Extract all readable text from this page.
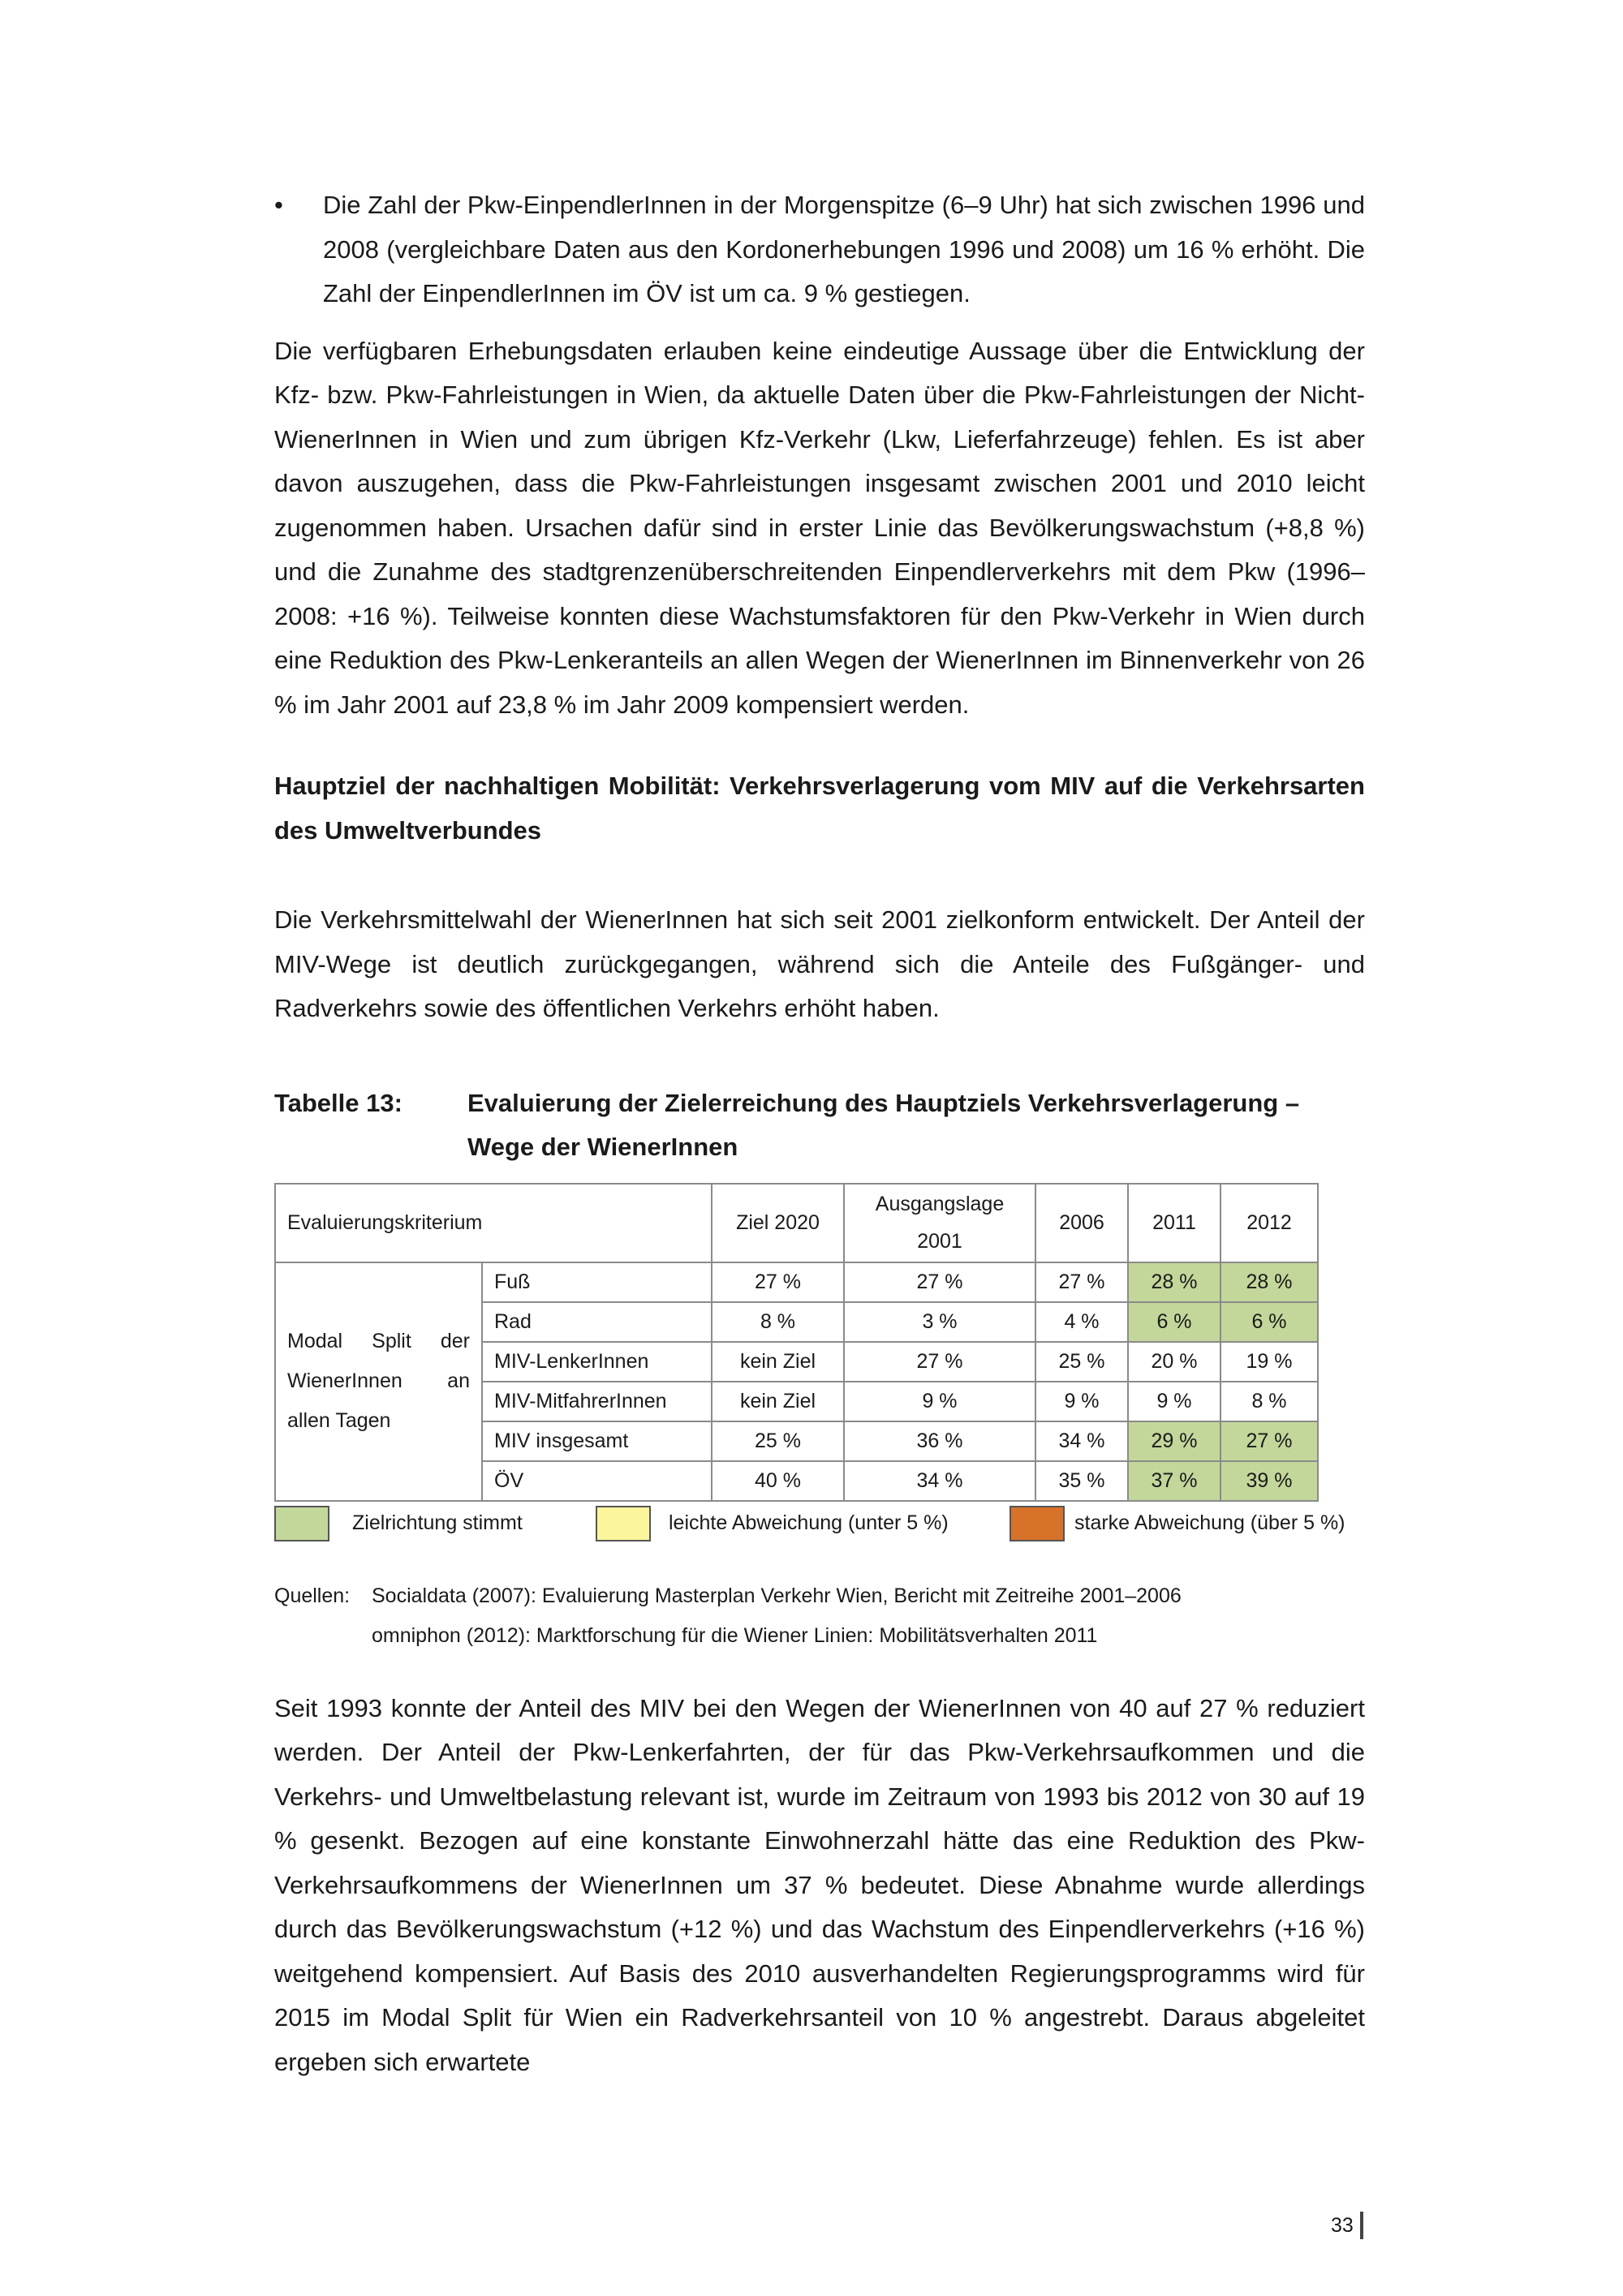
• Die Zahl der Pkw-EinpendlerInnen in der Morgenspitze (6–9 Uhr) hat sich zwischen 1996 und 2008 (vergleichbare Daten aus den Kordonerhebungen 1996 und 2008) um 16 % erhöht. Die Zahl der EinpendlerInnen im ÖV ist um ca. 9 % gestiegen.

Die verfügbaren Erhebungsdaten erlauben keine eindeutige Aussage über die Entwicklung der Kfz- bzw. Pkw-Fahrleistungen in Wien, da aktuelle Daten über die Pkw-Fahrleistungen der Nicht-WienerInnen in Wien und zum übrigen Kfz-Verkehr (Lkw, Lieferfahrzeuge) fehlen. Es ist aber davon auszugehen, dass die Pkw-Fahrleistungen insgesamt zwischen 2001 und 2010 leicht zugenommen haben. Ursachen dafür sind in erster Linie das Bevölkerungswachstum (+8,8 %) und die Zunahme des stadtgrenzenüberschreitenden Einpendlerverkehrs mit dem Pkw (1996–2008: +16 %). Teilweise konnten diese Wachstumsfaktoren für den Pkw-Verkehr in Wien durch eine Reduktion des Pkw-Lenkeranteils an allen Wegen der WienerInnen im Binnenverkehr von 26 % im Jahr 2001 auf 23,8 % im Jahr 2009 kompensiert werden.

Hauptziel der nachhaltigen Mobilität: Verkehrsverlagerung vom MIV auf die Verkehrsarten des Umweltverbundes

Die Verkehrsmittelwahl der WienerInnen hat sich seit 2001 zielkonform entwickelt. Der Anteil der MIV-Wege ist deutlich zurückgegangen, während sich die Anteile des Fußgänger- und Radverkehrs sowie des öffentlichen Verkehrs erhöht haben.

Tabelle 13:	Evaluierung der Zielerreichung des Hauptziels Verkehrsverlagerung – Wege der WienerInnen
Evaluierungskriterium		Ziel 2020	Ausgangslage 2001	2006	2011	2012
Modal Split der WienerInnen an allen Tagen	Fuß	27 %	27 %	27 %	28 %	28 %
	Rad	8 %	3 %	4 %	6 %	6 %
	MIV-LenkerInnen	kein Ziel	27 %	25 %	20 %	19 %
	MIV-MitfahrerInnen	kein Ziel	9 %	9 %	9 %	8 %
	MIV insgesamt	25 %	36 %	34 %	29 %	27 %
	ÖV	40 %	34 %	35 %	37 %	39 %
Zielrichtung stimmt	leichte Abweichung (unter 5 %)	starke Abweichung (über 5 %)
Quellen:	Socialdata (2007): Evaluierung Masterplan Verkehr Wien, Bericht mit Zeitreihe 2001–2006
omniphon (2012): Marktforschung für die Wiener Linien: Mobilitätsverhalten 2011

Seit 1993 konnte der Anteil des MIV bei den Wegen der WienerInnen von 40 auf 27 % reduziert werden. Der Anteil der Pkw-Lenkerfahrten, der für das Pkw-Verkehrsaufkommen und die Verkehrs- und Umweltbelastung relevant ist, wurde im Zeitraum von 1993 bis 2012 von 30 auf 19 % gesenkt. Bezogen auf eine konstante Einwohnerzahl hätte das eine Reduktion des Pkw-Verkehrsaufkommens der WienerInnen um 37 % bedeutet. Diese Abnahme wurde allerdings durch das Bevölkerungswachstum (+12 %) und das Wachstum des Einpendlerverkehrs (+16 %) weitgehend kompensiert. Auf Basis des 2010 ausverhandelten Regierungsprogramms wird für 2015 im Modal Split für Wien ein Radverkehrsanteil von 10 % angestrebt. Daraus abgeleitet ergeben sich erwartete

33
